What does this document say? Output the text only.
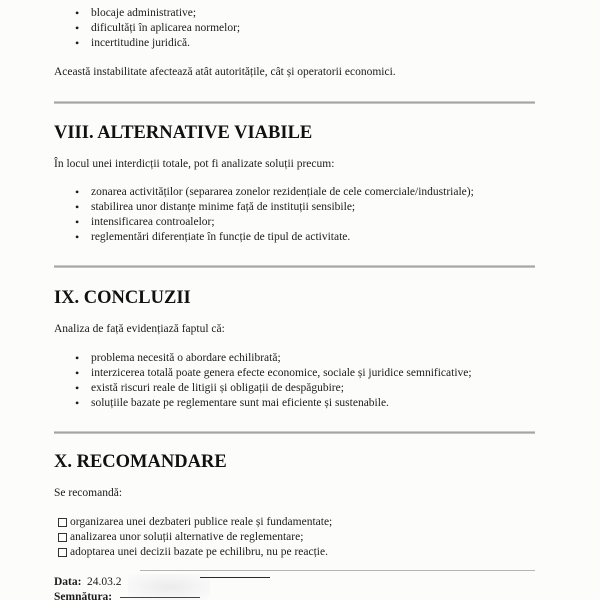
• blocaje administrative;
• dificultăți în aplicarea normelor;
• incertitudine juridică.
Această instabilitate afectează atât autoritățile, cât și operatorii economici.
VIII. ALTERNATIVE VIABILE
În locul unei interdicții totale, pot fi analizate soluții precum:
• zonarea activităților (separarea zonelor rezidențiale de cele comerciale/industriale);
• stabilirea unor distanțe minime față de instituții sensibile;
• intensificarea controalelor;
• reglementări diferențiate în funcție de tipul de activitate.
IX. CONCLUZII
Analiza de față evidențiază faptul că:
• problema necesită o abordare echilibrată;
• interzicerea totală poate genera efecte economice, sociale și juridice semnificative;
• există riscuri reale de litigii și obligații de despăgubire;
• soluțiile bazate pe reglementare sunt mai eficiente și sustenabile.
X. RECOMANDARE
Se recomandă:
organizarea unei dezbateri publice reale și fundamentate;
analizarea unor soluții alternative de reglementare;
adoptarea unei decizii bazate pe echilibru, nu pe reacție.
Data: 24.03.2
Semnătura:
